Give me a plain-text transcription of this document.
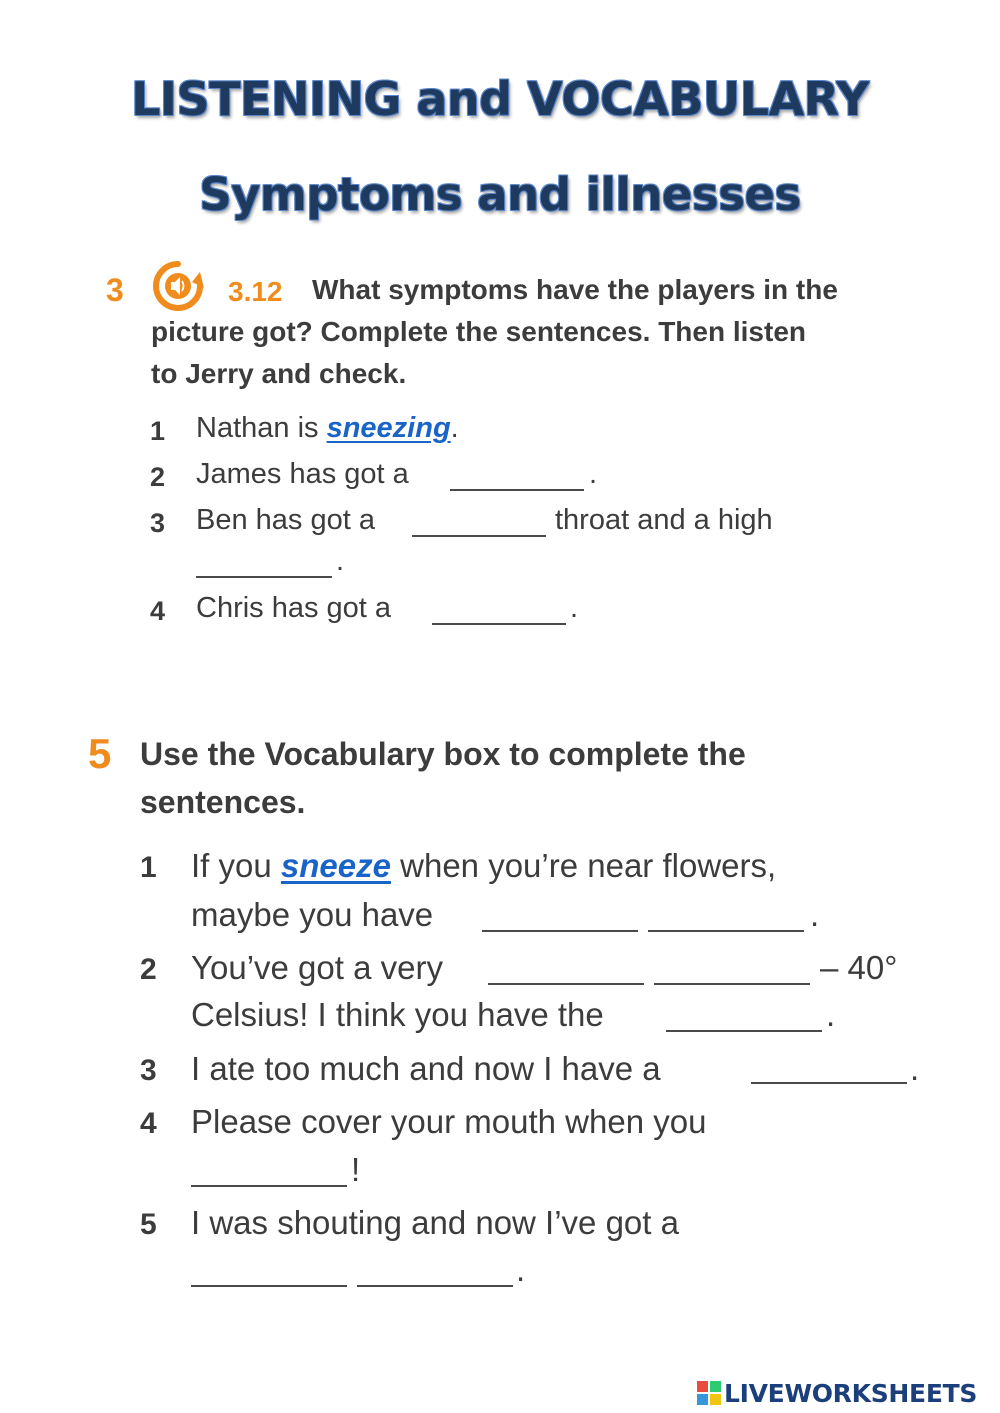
LISTENING and VOCABULARY
Symptoms and illnesses
3	3.12 What symptoms have the players in the
picture got? Complete the sentences. Then listen
to Jerry and check.
1 Nathan is sneezing.
2 James has got a	.
3 Ben has got a	throat and a high
.
4 Chris has got a	.
5 Use the Vocabulary box to complete the
sentences.
1 If you sneeze when you’re near flowers,
maybe you have	.
2 You’ve got a very	– 40°
Celsius! I think you have the	.
3 I ate too much and now I have a	.
4 Please cover your mouth when you
!
5 I was shouting and now I’ve got a
.
LIVEWORKSHEETS
